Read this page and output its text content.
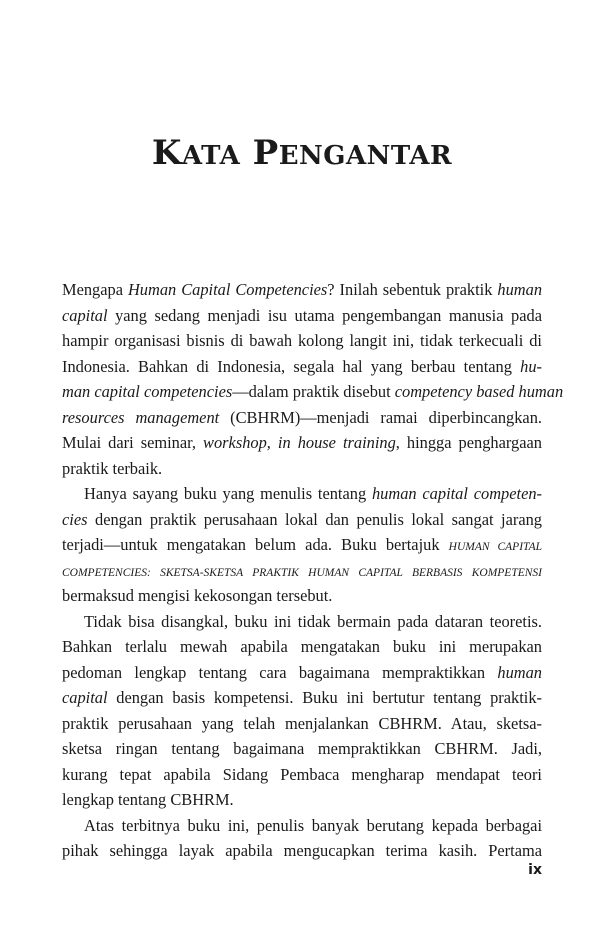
KATA PENGANTAR
Mengapa Human Capital Competencies? Inilah sebentuk praktik human
capital yang sedang menjadi isu utama pengembangan manusia pada
hampir organisasi bisnis di bawah kolong langit ini, tidak terkecuali di
Indonesia. Bahkan di Indonesia, segala hal yang berbau tentang hu-
man capital competencies—dalam praktik disebut competency based human
resources management (CBHRM)—menjadi ramai diperbincangkan.
Mulai dari seminar, workshop, in house training, hingga penghargaan
praktik terbaik.
Hanya sayang buku yang menulis tentang human capital competen-
cies dengan praktik perusahaan lokal dan penulis lokal sangat jarang
terjadi—untuk mengatakan belum ada. Buku bertajuk HUMAN CAPITAL
COMPETENCIES: SKETSA-SKETSA PRAKTIK HUMAN CAPITAL BERBASIS KOMPETENSI
bermaksud mengisi kekosongan tersebut.
Tidak bisa disangkal, buku ini tidak bermain pada dataran teoretis.
Bahkan terlalu mewah apabila mengatakan buku ini merupakan
pedoman lengkap tentang cara bagaimana mempraktikkan human
capital dengan basis kompetensi. Buku ini bertutur tentang praktik-
praktik perusahaan yang telah menjalankan CBHRM. Atau, sketsa-
sketsa ringan tentang bagaimana mempraktikkan CBHRM. Jadi,
kurang tepat apabila Sidang Pembaca mengharap mendapat teori
lengkap tentang CBHRM.
Atas terbitnya buku ini, penulis banyak berutang kepada berbagai
pihak sehingga layak apabila mengucapkan terima kasih. Pertama
ix
